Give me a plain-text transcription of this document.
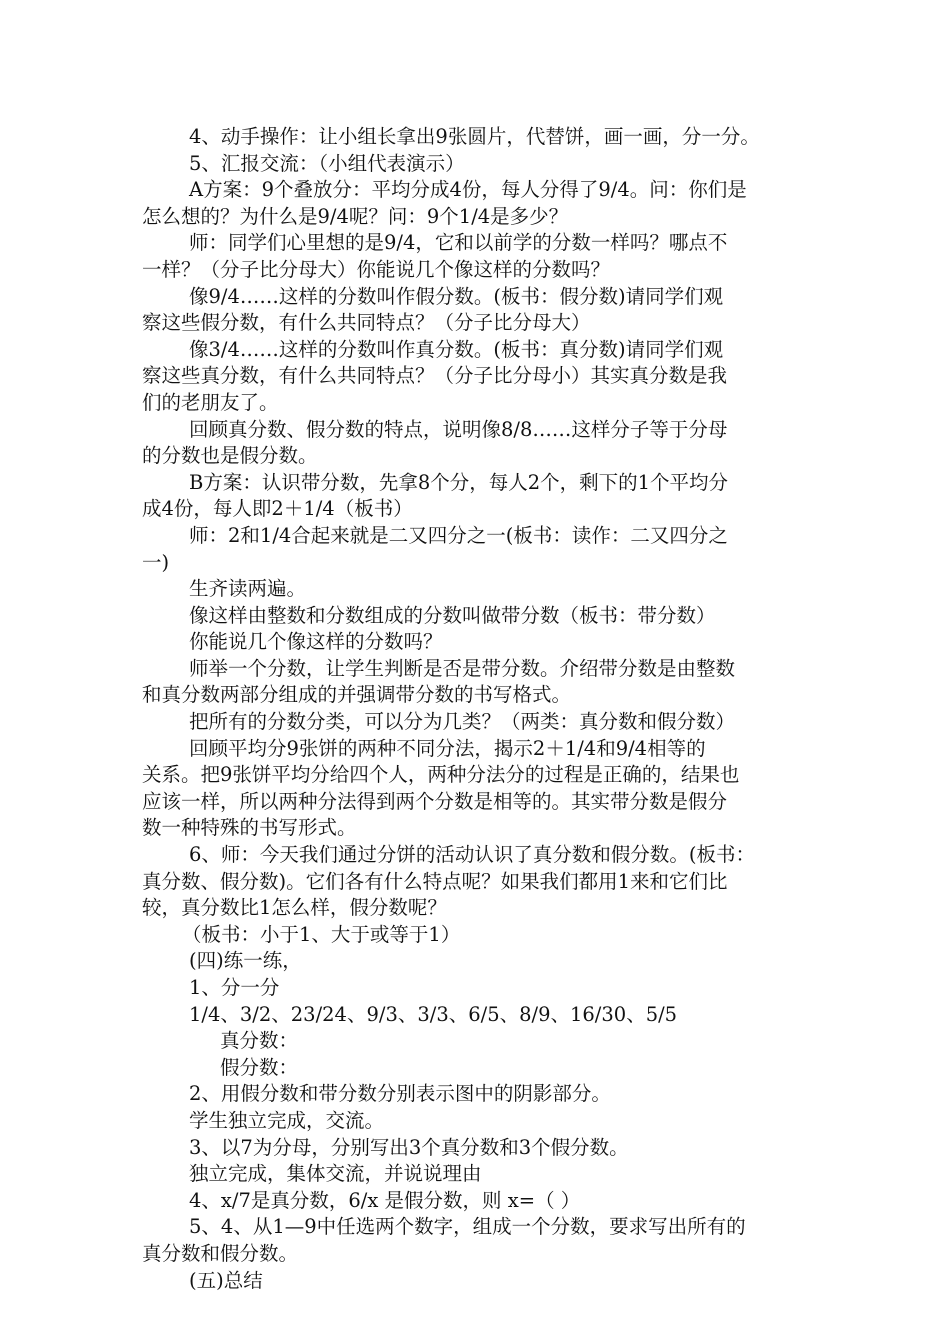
4、动手操作：让小组长拿出9张圆片，代替饼，画一画，分一分。
5、汇报交流：（小组代表演示）
A方案：9个叠放分：平均分成4份，每人分得了9/4。问：你们是
怎么想的？为什么是9/4呢？问：9个1/4是多少？
师：同学们心里想的是9/4，它和以前学的分数一样吗？哪点不
一样？（分子比分母大）你能说几个像这样的分数吗？
像9/4……这样的分数叫作假分数。(板书：假分数)请同学们观
察这些假分数，有什么共同特点？（分子比分母大）
像3/4……这样的分数叫作真分数。(板书：真分数)请同学们观
察这些真分数，有什么共同特点？（分子比分母小）其实真分数是我
们的老朋友了。
回顾真分数、假分数的特点，说明像8/8……这样分子等于分母
的分数也是假分数。
B方案：认识带分数，先拿8个分，每人2个，剩下的1个平均分
成4份，每人即2＋1/4（板书）
师：2和1/4合起来就是二又四分之一(板书：读作：二又四分之
一)
生齐读两遍。
像这样由整数和分数组成的分数叫做带分数（板书：带分数）
你能说几个像这样的分数吗？
师举一个分数，让学生判断是否是带分数。介绍带分数是由整数
和真分数两部分组成的并强调带分数的书写格式。
把所有的分数分类，可以分为几类？（两类：真分数和假分数）
回顾平均分9张饼的两种不同分法，揭示2＋1/4和9/4相等的
关系。把9张饼平均分给四个人，两种分法分的过程是正确的，结果也
应该一样，所以两种分法得到两个分数是相等的。其实带分数是假分
数一种特殊的书写形式。
6、师：今天我们通过分饼的活动认识了真分数和假分数。(板书：
真分数、假分数)。它们各有什么特点呢？如果我们都用1来和它们比
较，真分数比1怎么样，假分数呢？
（板书：小于1、大于或等于1）
(四)练一练，
1、分一分
1/4、3/2、23/24、9/3、3/3、6/5、8/9、16/30、5/5
真分数：
假分数：
2、用假分数和带分数分别表示图中的阴影部分。
学生独立完成，交流。
3、以7为分母，分别写出3个真分数和3个假分数。
独立完成，集体交流，并说说理由
4、x/7是真分数，6/x 是假分数，则 x=（ ）
5、4、从1—9中任选两个数字，组成一个分数，要求写出所有的
真分数和假分数。
(五)总结
